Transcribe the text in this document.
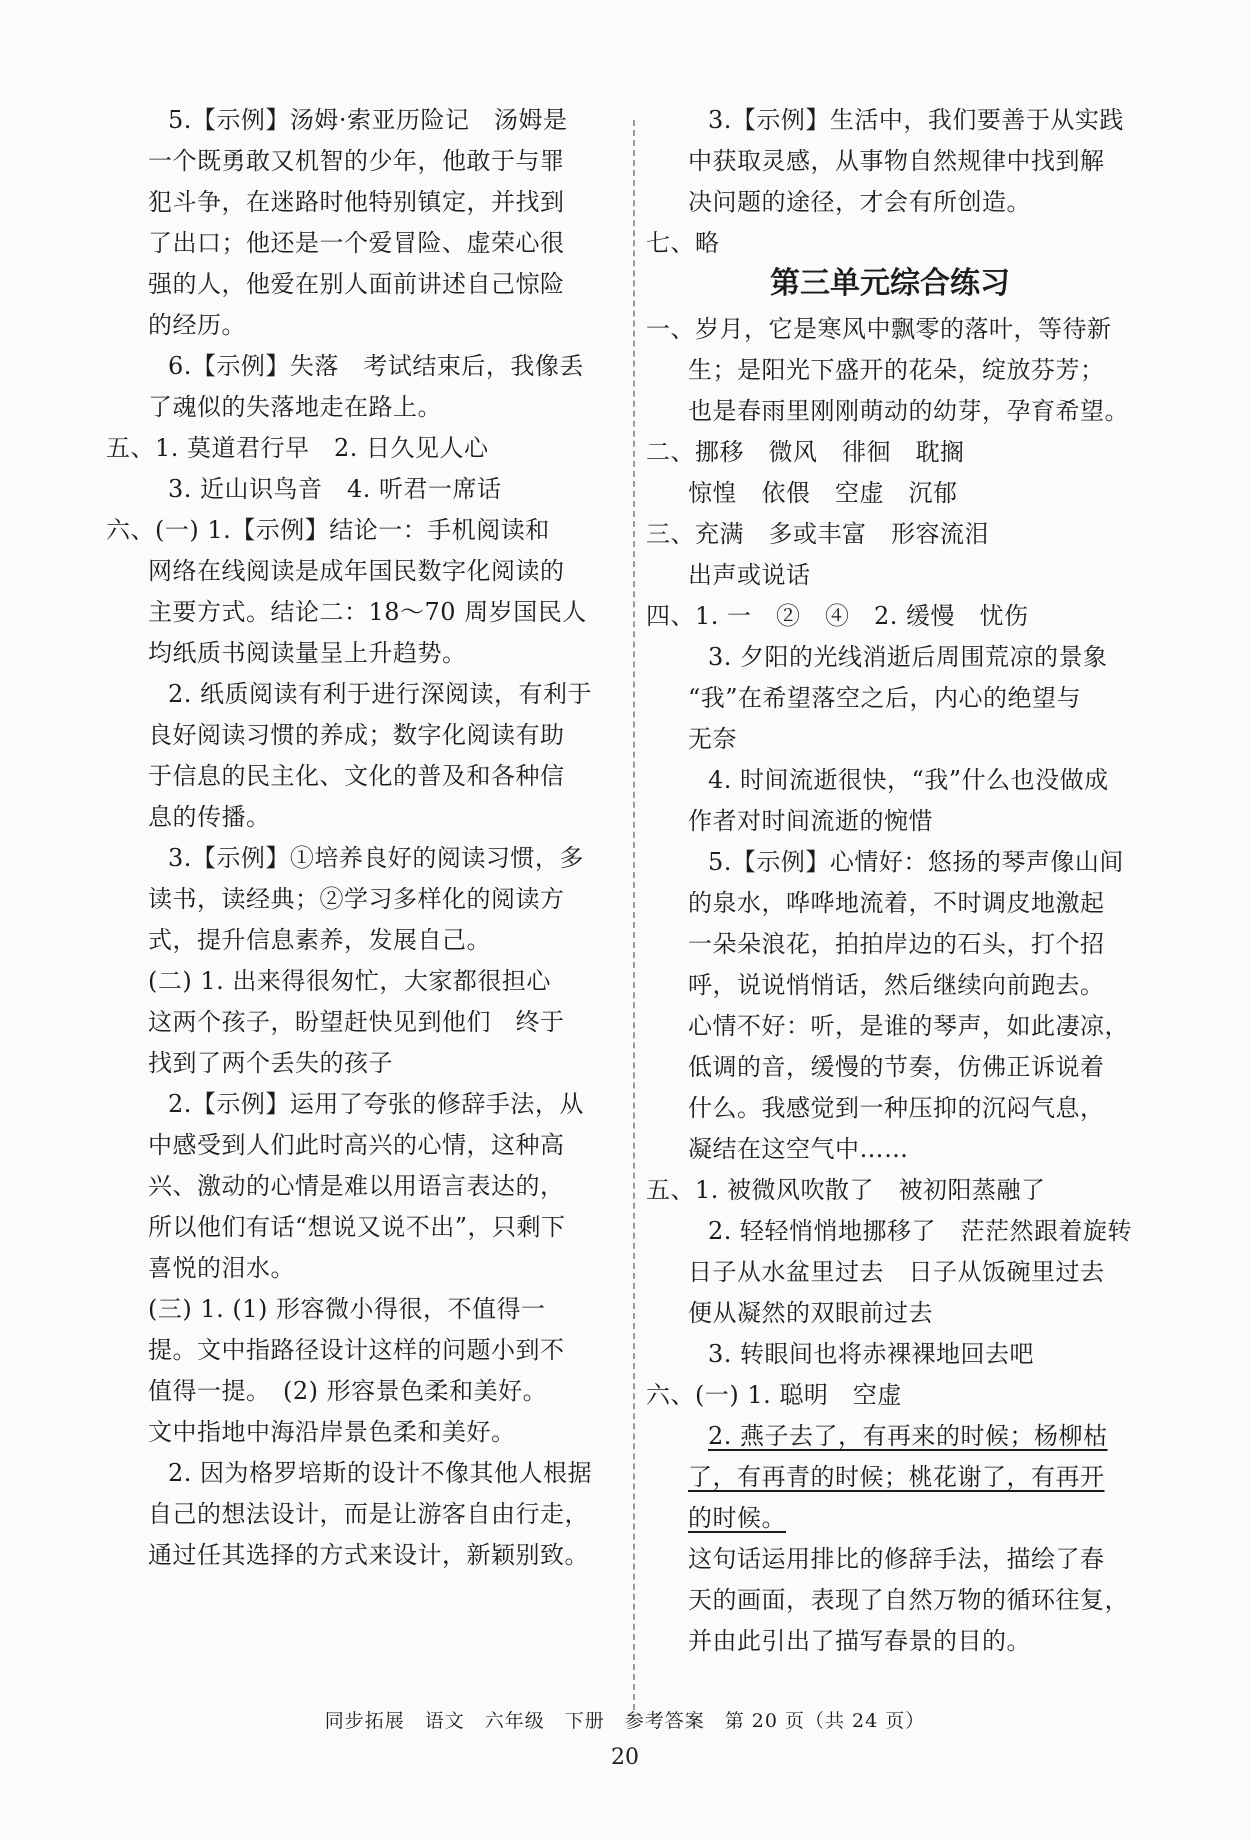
5.【示例】汤姆·索亚历险记　汤姆是
一个既勇敢又机智的少年，他敢于与罪
犯斗争，在迷路时他特别镇定，并找到
了出口；他还是一个爱冒险、虚荣心很
强的人，他爱在别人面前讲述自己惊险
的经历。
6.【示例】失落　考试结束后，我像丢
了魂似的失落地走在路上。
五、1. 莫道君行早　2. 日久见人心
3. 近山识鸟音　4. 听君一席话
六、(一) 1.【示例】结论一：手机阅读和
网络在线阅读是成年国民数字化阅读的
主要方式。结论二：18～70 周岁国民人
均纸质书阅读量呈上升趋势。
2. 纸质阅读有利于进行深阅读，有利于
良好阅读习惯的养成；数字化阅读有助
于信息的民主化、文化的普及和各种信
息的传播。
3.【示例】①培养良好的阅读习惯，多
读书，读经典；②学习多样化的阅读方
式，提升信息素养，发展自己。
(二) 1. 出来得很匆忙，大家都很担心
这两个孩子，盼望赶快见到他们　终于
找到了两个丢失的孩子
2.【示例】运用了夸张的修辞手法，从
中感受到人们此时高兴的心情，这种高
兴、激动的心情是难以用语言表达的，
所以他们有话“想说又说不出”，只剩下
喜悦的泪水。
(三) 1. (1) 形容微小得很，不值得一
提。文中指路径设计这样的问题小到不
值得一提。　(2) 形容景色柔和美好。
文中指地中海沿岸景色柔和美好。
2. 因为格罗培斯的设计不像其他人根据
自己的想法设计，而是让游客自由行走，
通过任其选择的方式来设计，新颖别致。
3.【示例】生活中，我们要善于从实践
中获取灵感，从事物自然规律中找到解
决问题的途径，才会有所创造。
七、略
第三单元综合练习
一、岁月，它是寒风中飘零的落叶，等待新
生；是阳光下盛开的花朵，绽放芬芳；
也是春雨里刚刚萌动的幼芽，孕育希望。
二、挪移　微风　徘徊　耽搁
惊惶　依偎　空虚　沉郁
三、充满　多或丰富　形容流泪
出声或说话
四、1. 一　②　④　2. 缓慢　忧伤
3. 夕阳的光线消逝后周围荒凉的景象
“我”在希望落空之后，内心的绝望与
无奈
4. 时间流逝很快，“我”什么也没做成
作者对时间流逝的惋惜
5.【示例】心情好：悠扬的琴声像山间
的泉水，哗哗地流着，不时调皮地激起
一朵朵浪花，拍拍岸边的石头，打个招
呼，说说悄悄话，然后继续向前跑去。
心情不好：听，是谁的琴声，如此凄凉，
低调的音，缓慢的节奏，仿佛正诉说着
什么。我感觉到一种压抑的沉闷气息，
凝结在这空气中……
五、1. 被微风吹散了　被初阳蒸融了
2. 轻轻悄悄地挪移了　茫茫然跟着旋转
日子从水盆里过去　日子从饭碗里过去
便从凝然的双眼前过去
3. 转眼间也将赤裸裸地回去吧
六、(一) 1. 聪明　空虚
2. 燕子去了，有再来的时候；杨柳枯
了，有再青的时候；桃花谢了，有再开
的时候。
这句话运用排比的修辞手法，描绘了春
天的画面，表现了自然万物的循环往复，
并由此引出了描写春景的目的。
同步拓展　语文　六年级　下册　参考答案　第 20 页（共 24 页）
20
